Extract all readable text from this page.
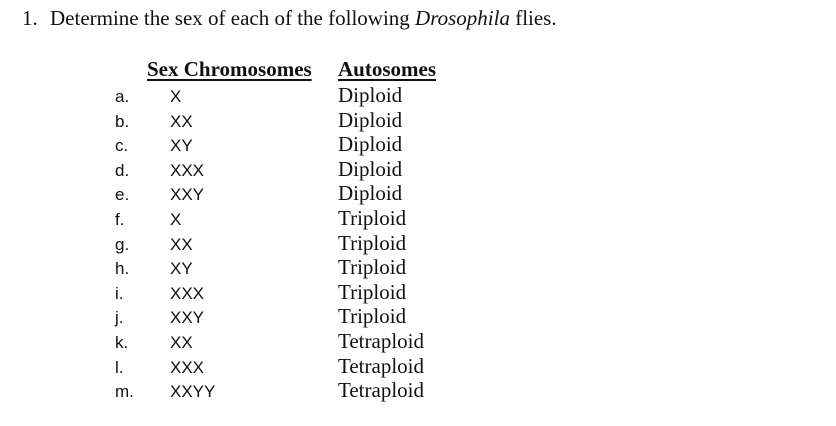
1. Determine the sex of each of the following Drosophila flies.
Sex Chromosomes Autosomes
a. X	Diploid
b. XX	Diploid
c. XY	Diploid
d. XXX	Diploid
e. XXY	Diploid
f.	X	Triploid
g. XX	Triploid
h. XY	Triploid
i.	XXX	Triploid
j.	XXY	Triploid
k. XX	Tetraploid
l.	XXX	Tetraploid
m. XXYY	Tetraploid
